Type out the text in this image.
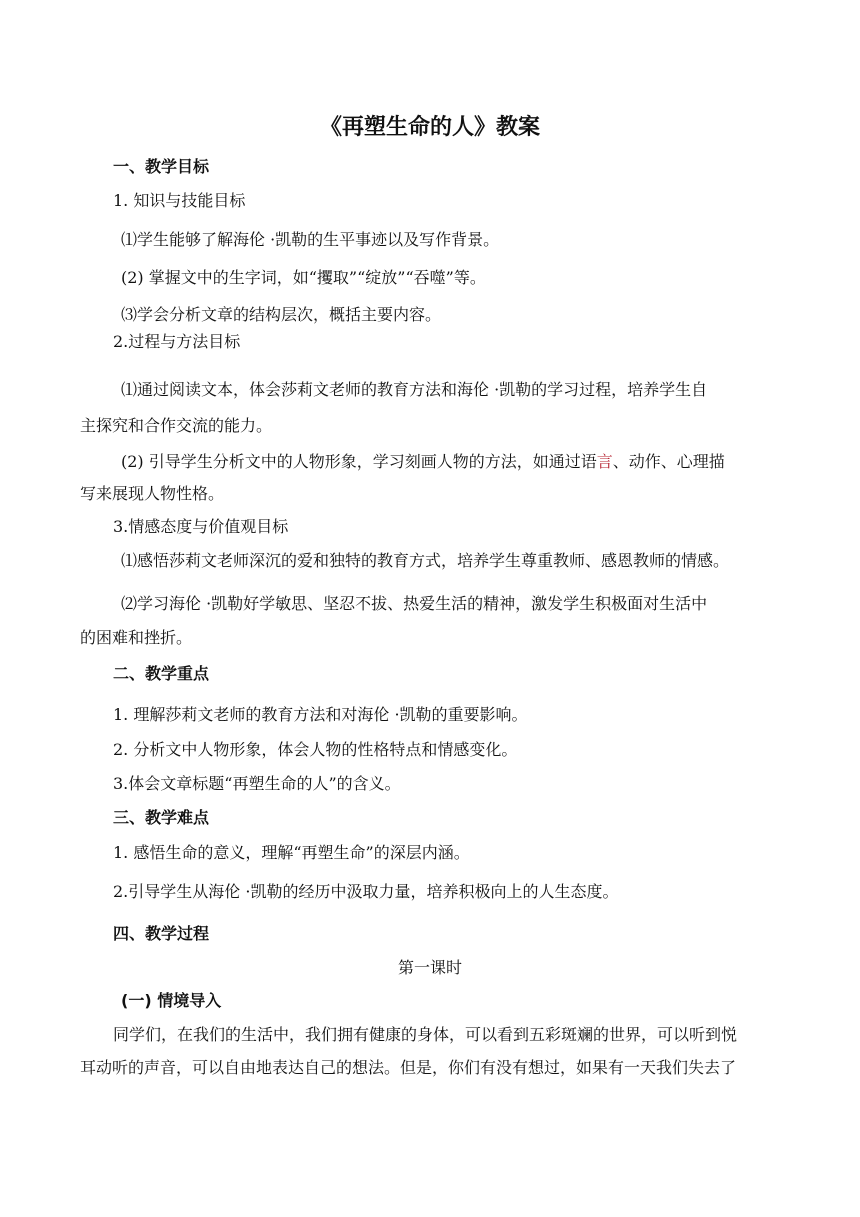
《再塑生命的人》教案
一、教学目标
1. 知识与技能目标
⑴学生能够了解海伦 ·凯勒的生平事迹以及写作背景。
(2) 掌握文中的生字词，如“攫取”“绽放”“吞噬”等。
⑶学会分析文章的结构层次，概括主要内容。
2.过程与方法目标
⑴通过阅读文本，体会莎莉文老师的教育方法和海伦 ·凯勒的学习过程，培养学生自
主探究和合作交流的能力。
(2) 引导学生分析文中的人物形象，学习刻画人物的方法，如通过语言、动作、心理描
写来展现人物性格。
3.情感态度与价值观目标
⑴感悟莎莉文老师深沉的爱和独特的教育方式，培养学生尊重教师、感恩教师的情感。
⑵学习海伦 ·凯勒好学敏思、坚忍不拔、热爱生活的精神，激发学生积极面对生活中
的困难和挫折。
二、教学重点
1. 理解莎莉文老师的教育方法和对海伦 ·凯勒的重要影响。
2. 分析文中人物形象，体会人物的性格特点和情感变化。
3.体会文章标题“再塑生命的人”的含义。
三、教学难点
1. 感悟生命的意义，理解“再塑生命”的深层内涵。
2.引导学生从海伦 ·凯勒的经历中汲取力量，培养积极向上的人生态度。
四、教学过程
第一课时
(一) 情境导入
同学们，在我们的生活中，我们拥有健康的身体，可以看到五彩斑斓的世界，可以听到悦
耳动听的声音，可以自由地表达自己的想法。但是，你们有没有想过，如果有一天我们失去了
